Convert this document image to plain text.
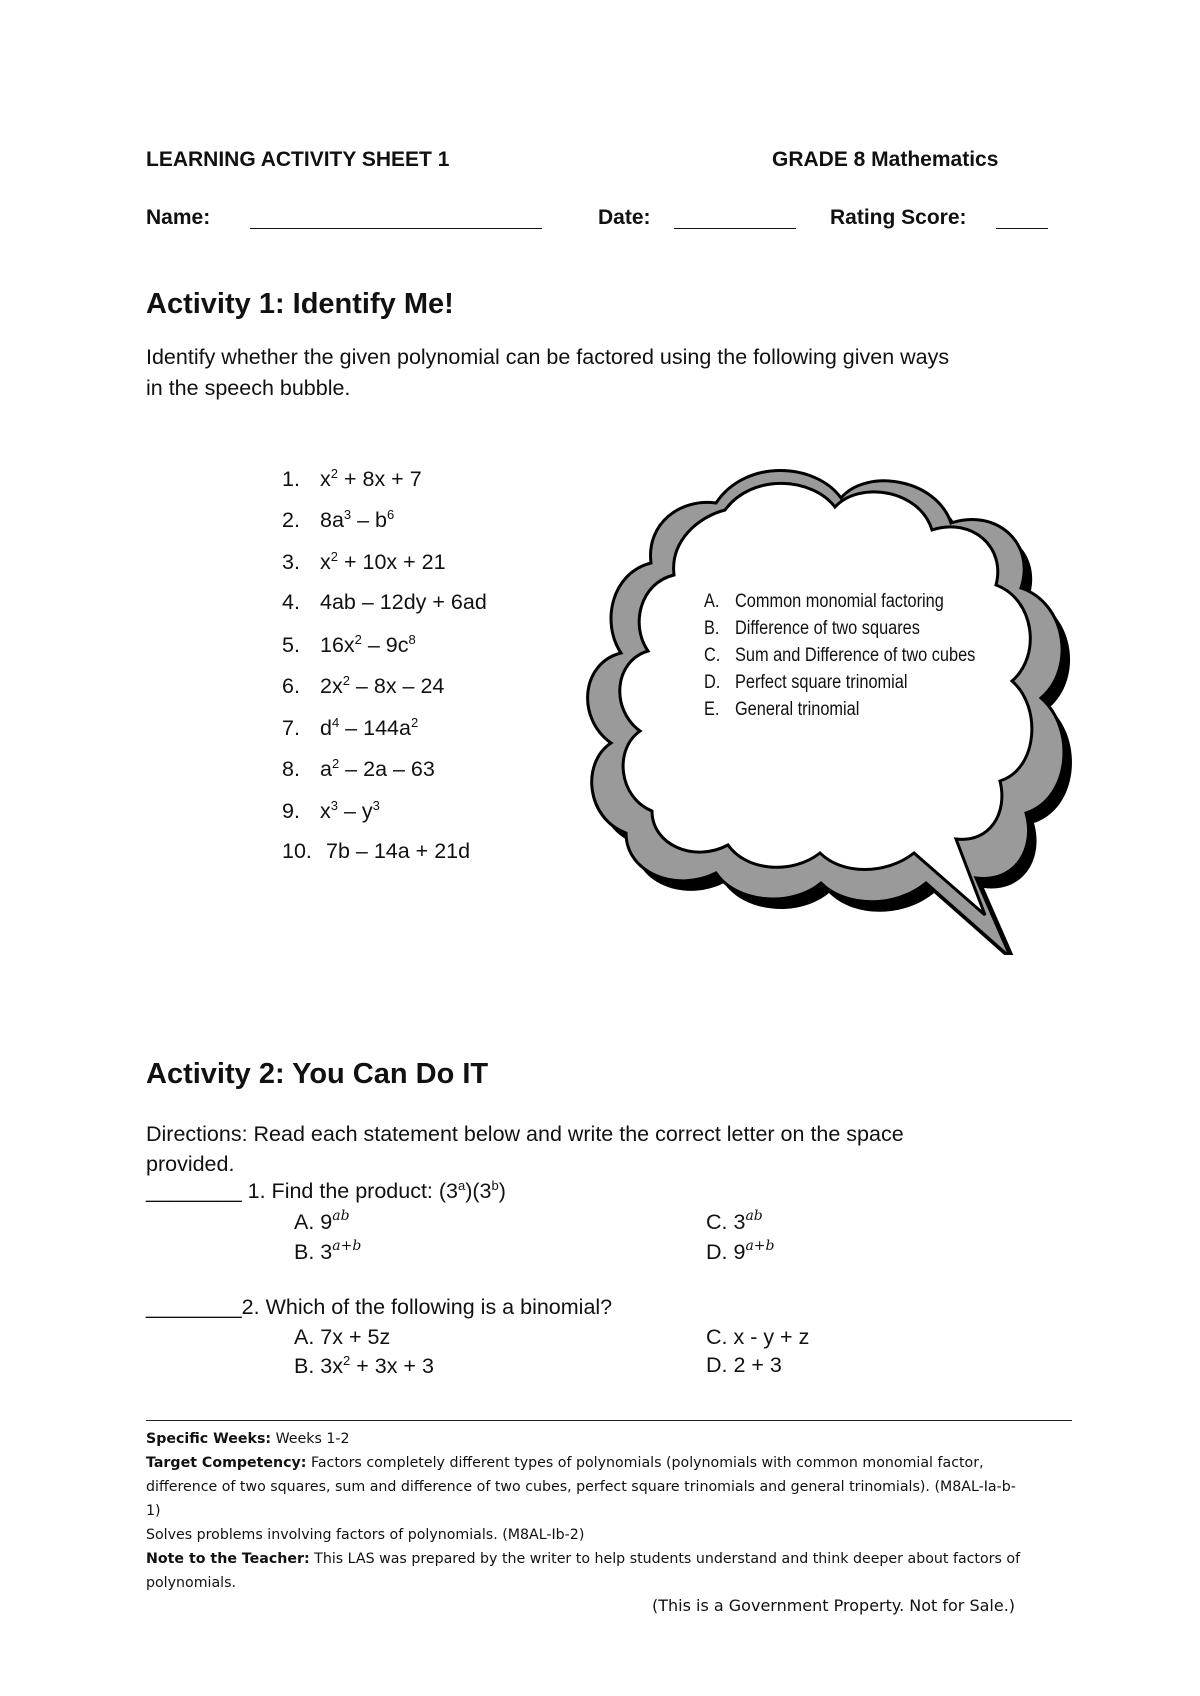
LEARNING ACTIVITY SHEET 1	GRADE 8 Mathematics
Name:	Date:	Rating Score:
Activity 1: Identify Me!
Identify whether the given polynomial can be factored using the following given ways
in the speech bubble.
1. $x^2 + 8x + 7$
2. $8a^3 - b^6$
3. $x^2 + 10x + 21$
4. 4ab – 12dy + 6ad
5. $16x^2 - 9c^8$
6. $2x^2 - 8x - 24$
7. $d^4 - 144a^2$
8. $a^2 - 2a - 63$
9. $x^3 - y^3$
10. 7b – 14a + 21d
A. Common monomial factoring
B. Difference of two squares
C. Sum and Difference of two cubes
D. Perfect square trinomial
E. General trinomial
Activity 2: You Can Do IT
Directions: Read each statement below and write the correct letter on the space
provided.
________ 1. Find the product: (3$^a$)(3$^b$)
A. $9^{ab}$	C. $3^{ab}$
B. $3^{a+b}$	D. $9^{a+b}$
________2. Which of the following is a binomial?
A. 7x + 5z	C. x - y + z
B. $3x^2 + 3x + 3$	D. 2 + 3
Specific Weeks: Weeks 1-2
Target Competency: Factors completely different types of polynomials (polynomials with common monomial factor,
difference of two squares, sum and difference of two cubes, perfect square trinomials and general trinomials). (M8AL-Ia-b-
1)
Solves problems involving factors of polynomials. (M8AL-Ib-2)
Note to the Teacher: This LAS was prepared by the writer to help students understand and think deeper about factors of
polynomials.
(This is a Government Property. Not for Sale.)
